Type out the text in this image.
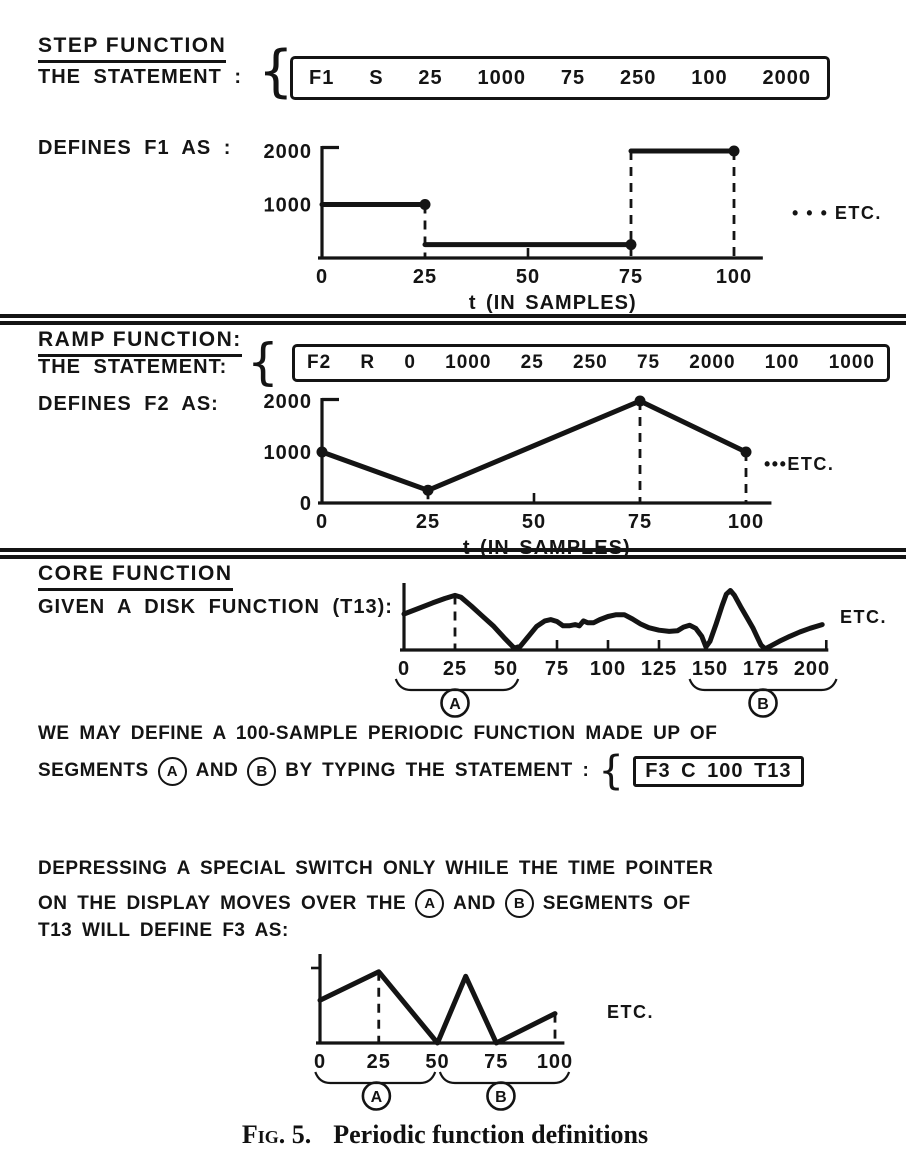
STEP FUNCTION
THE STATEMENT : { F1 S 25 1000 75 250 100 2000
DEFINES F1 AS : 2000
1000
0	25	50	75	100
t (IN SAMPLES)
• • • ETC.
RAMP FUNCTION:
THE STATEMENT: { F2 R 0 1000 25 250 75 2000 100 1000
DEFINES F2 AS: 2000
1000
0
0	25	50	75	100
t (IN SAMPLES)
•••ETC.
CORE FUNCTION
GIVEN A DISK FUNCTION (T13):
0 25 50 75 100 125 150 175 200
ETC.
A	B
WE MAY DEFINE A 100-SAMPLE PERIODIC FUNCTION MADE UP OF
SEGMENTS	A AND	B BY TYPING THE STATEMENT : {	F3 C 100 T13
DEPRESSING A SPECIAL SWITCH ONLY WHILE THE TIME POINTER
ON THE DISPLAY MOVES OVER THE	A AND	B SEGMENTS OF
T13 WILL DEFINE F3 AS:
0 25 50 75 100
ETC.
A	B
Fig. 5. Periodic function definitions
